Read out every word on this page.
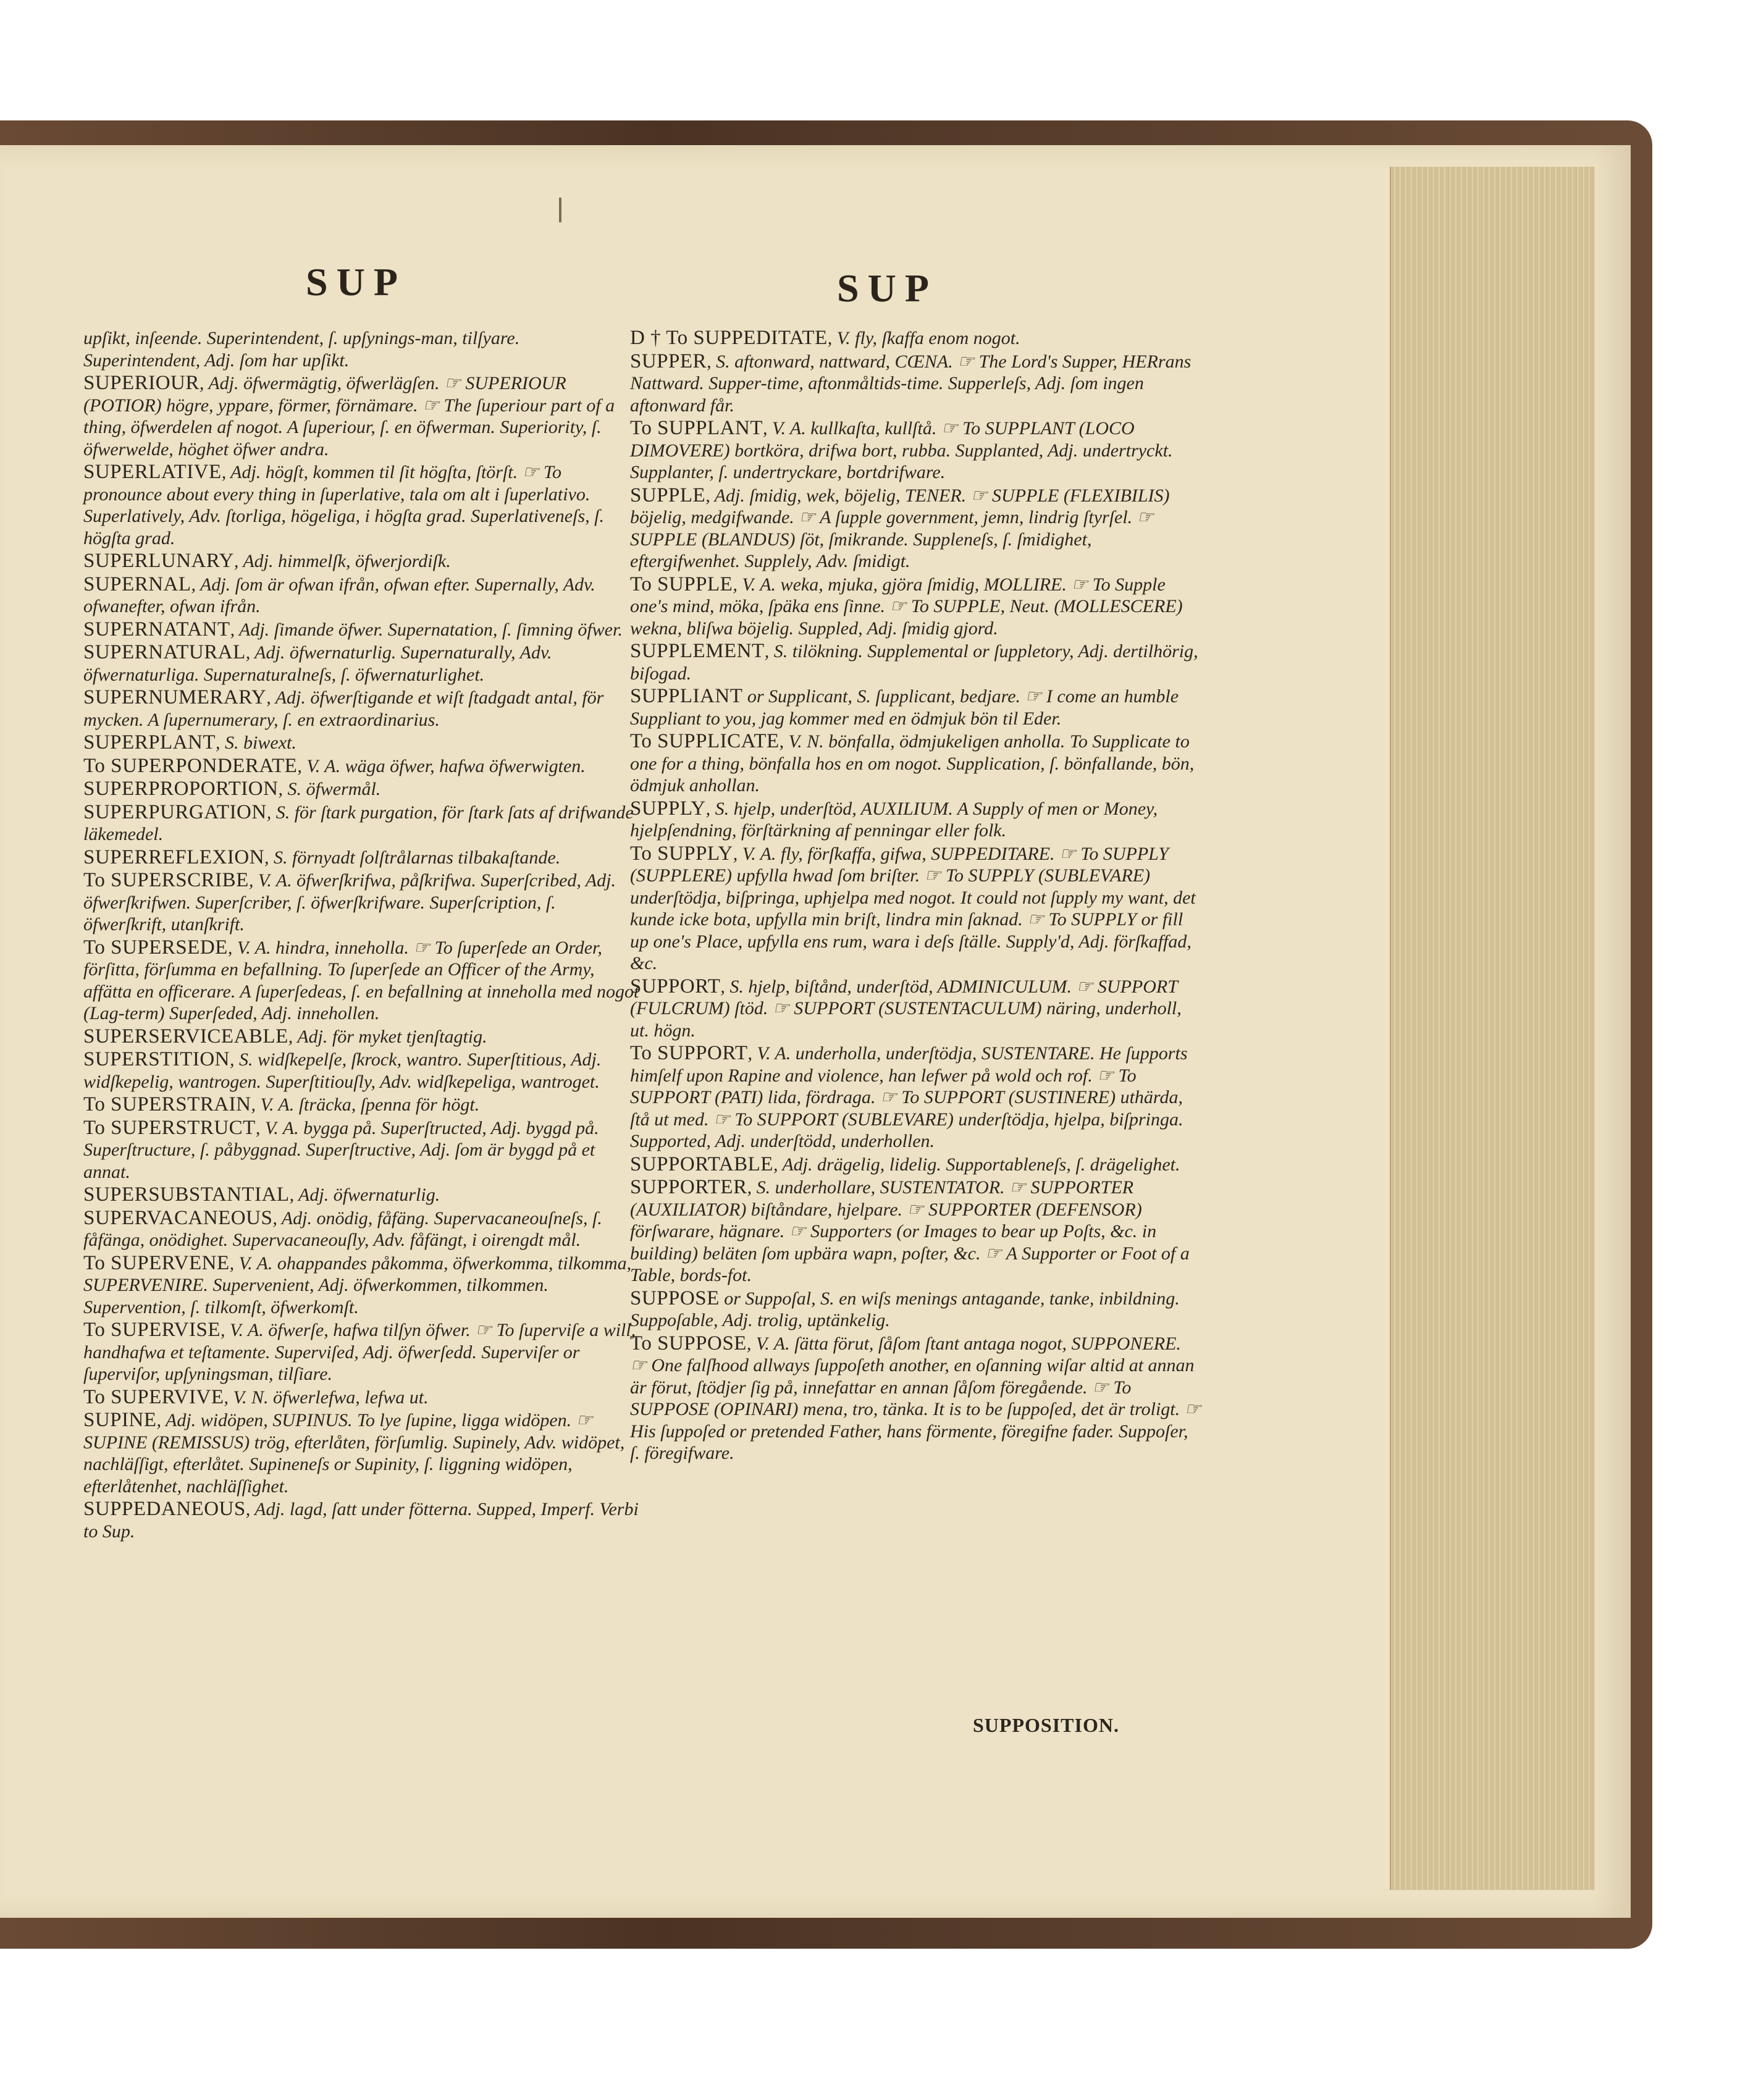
SUP	SUP

upſikt, inſeende. Superintendent, ſ. upſynings-man, tilſyare. Superintendent, Adj. ſom har upſikt.

SUPERIOUR, Adj. öfwermägtig, öfwerlägſen. ☞ SUPERIOUR (POTIOR) högre, yppare, förmer, förnämare. ☞ The ſuperiour part of a thing, öfwerdelen af nogot. A ſuperiour, ſ. en öfwerman. Superiority, ſ. öfwerwelde, höghet öfwer andra.

SUPERLATIVE, Adj. högſt, kommen til ſit högſta, ſtörſt. ☞ To pronounce about every thing in ſuperlative, tala om alt i ſuperlativo. Superlatively, Adv. ſtorliga, högeliga, i högſta grad. Superlativeneſs, ſ. högſta grad.

SUPERLUNARY, Adj. himmelſk, öfwerjordiſk.

SUPERNAL, Adj. ſom är ofwan ifrån, ofwan efter. Supernally, Adv. ofwanefter, ofwan ifrån.

SUPERNATANT, Adj. ſimande öfwer. Supernatation, ſ. ſimning öfwer.

SUPERNATURAL, Adj. öfwernaturlig. Supernaturally, Adv. öfwernaturliga. Supernaturalneſs, ſ. öfwernaturlighet.

SUPERNUMERARY, Adj. öfwerſtigande et wiſt ſtadgadt antal, för mycken. A ſupernumerary, ſ. en extraordinarius.

SUPERPLANT, S. biwext.

To SUPERPONDERATE, V. A. wäga öfwer, hafwa öfwerwigten.

SUPERPROPORTION, S. öfwermål.

SUPERPURGATION, S. för ſtark purgation, för ſtark ſats af drifwande läkemedel.

SUPERREFLEXION, S. förnyadt ſolſtrålarnas tilbakaſtande.

To SUPERSCRIBE, V. A. öfwerſkrifwa, påſkrifwa. Superſcribed, Adj. öfwerſkrifwen. Superſcriber, ſ. öfwerſkrifware. Superſcription, ſ. öfwerſkrift, utanſkrift.

To SUPERSEDE, V. A. hindra, inneholla. ☞ To ſuperſede an Order, förſitta, förſumma en befallning. To ſuperſede an Officer of the Army, affätta en officerare. A ſuperſedeas, ſ. en befallning at inneholla med nogot (Lag-term) Superſeded, Adj. innehollen.

SUPERSERVICEABLE, Adj. för myket tjenſtagtig.

SUPERSTITION, S. widſkepelſe, ſkrock, wantro. Superſtitious, Adj. widſkepelig, wantrogen. Superſtitiouſly, Adv. widſkepeliga, wantroget.

To SUPERSTRAIN, V. A. ſträcka, ſpenna för högt.

To SUPERSTRUCT, V. A. bygga på. Superſtructed, Adj. byggd på. Superſtructure, ſ. påbyggnad. Superſtructive, Adj. ſom är byggd på et annat.

SUPERSUBSTANTIAL, Adj. öfwernaturlig.

SUPERVACANEOUS, Adj. onödig, fåfäng. Supervacaneouſneſs, ſ. fåfänga, onödighet. Supervacaneouſly, Adv. fåfängt, i oirengdt mål.

To SUPERVENE, V. A. ohappandes påkomma, öfwerkomma, tilkomma, SUPERVENIRE. Supervenient, Adj. öfwerkommen, tilkommen. Supervention, ſ. tilkomſt, öfwerkomſt.

To SUPERVISE, V. A. öfwerſe, hafwa tilſyn öfwer. ☞ To ſuperviſe a will, handhafwa et teſtamente. Superviſed, Adj. öfwerſedd. Superviſer or ſuperviſor, upſyningsman, tilſiare.

To SUPERVIVE, V. N. öfwerlefwa, lefwa ut.

SUPINE, Adj. widöpen, SUPINUS. To lye ſupine, ligga widöpen. ☞ SUPINE (REMISSUS) trög, efterlåten, förſumlig. Supinely, Adv. widöpet, nachläſſigt, efterlåtet. Supineneſs or Supinity, ſ. liggning widöpen, efterlåtenhet, nachläſſighet.

SUPPEDANEOUS, Adj. lagd, ſatt under fötterna. Supped, Imperf. Verbi to Sup.

D † To SUPPEDITATE, V. fly, ſkaffa enom nogot.

SUPPER, S. aftonward, nattward, CŒNA. ☞ The Lord's Supper, HERrans Nattward. Supper-time, aftonmåltids-time. Supperleſs, Adj. ſom ingen aftonward får.

To SUPPLANT, V. A. kullkaſta, kullſtå. ☞ To SUPPLANT (LOCO DIMOVERE) bortköra, drifwa bort, rubba. Supplanted, Adj. undertryckt. Supplanter, ſ. undertryckare, bortdrifware.

SUPPLE, Adj. ſmidig, wek, böjelig, TENER. ☞ SUPPLE (FLEXIBILIS) böjelig, medgifwande. ☞ A ſupple government, jemn, lindrig ſtyrſel. ☞ SUPPLE (BLANDUS) ſöt, ſmikrande. Suppleneſs, ſ. ſmidighet, eftergifwenhet. Supplely, Adv. ſmidigt.

To SUPPLE, V. A. weka, mjuka, gjöra ſmidig, MOLLIRE. ☞ To Supple one's mind, möka, ſpäka ens ſinne. ☞ To SUPPLE, Neut. (MOLLESCERE) wekna, bliſwa böjelig. Suppled, Adj. ſmidig gjord.

SUPPLEMENT, S. tilökning. Supplemental or ſuppletory, Adj. dertilhörig, biſogad.

SUPPLIANT or Supplicant, S. ſupplicant, bedjare. ☞ I come an humble Suppliant to you, jag kommer med en ödmjuk bön til Eder.

To SUPPLICATE, V. N. bönfalla, ödmjukeligen anholla. To Supplicate to one for a thing, bönfalla hos en om nogot. Supplication, ſ. bönfallande, bön, ödmjuk anhollan.

SUPPLY, S. hjelp, underſtöd, AUXILIUM. A Supply of men or Money, hjelpſendning, förſtärkning af penningar eller folk.

To SUPPLY, V. A. fly, förſkaffa, gifwa, SUPPEDITARE. ☞ To SUPPLY (SUPPLERE) upfylla hwad ſom briſter. ☞ To SUPPLY (SUBLEVARE) underſtödja, biſpringa, uphjelpa med nogot. It could not ſupply my want, det kunde icke bota, upfylla min briſt, lindra min ſaknad. ☞ To SUPPLY or fill up one's Place, upfylla ens rum, wara i deſs ſtälle. Supply'd, Adj. förſkaffad, &c.

SUPPORT, S. hjelp, biſtånd, underſtöd, ADMINICULUM. ☞ SUPPORT (FULCRUM) ſtöd. ☞ SUPPORT (SUSTENTACULUM) näring, underholl, ut. högn.

To SUPPORT, V. A. underholla, underſtödja, SUSTENTARE. He ſupports himſelf upon Rapine and violence, han lefwer på wold och rof. ☞ To SUPPORT (PATI) lida, fördraga. ☞ To SUPPORT (SUSTINERE) uthärda, ſtå ut med. ☞ To SUPPORT (SUBLEVARE) underſtödja, hjelpa, biſpringa. Supported, Adj. underſtödd, underhollen.

SUPPORTABLE, Adj. drägelig, lidelig. Supportableneſs, ſ. drägelighet.

SUPPORTER, S. underhollare, SUSTENTATOR. ☞ SUPPORTER (AUXILIATOR) biſtåndare, hjelpare. ☞ SUPPORTER (DEFENSOR) förſwarare, hägnare. ☞ Supporters (or Images to bear up Poſts, &c. in building) beläten ſom upbära wapn, poſter, &c. ☞ A Supporter or Foot of a Table, bords-fot.

SUPPOSE or Suppoſal, S. en wiſs menings antagande, tanke, inbildning. Suppoſable, Adj. trolig, uptänkelig.

To SUPPOSE, V. A. ſätta förut, ſåſom ſtant antaga nogot, SUPPONERE. ☞ One falſhood allways ſuppoſeth another, en oſanning wiſar altid at annan är förut, ſtödjer ſig på, innefattar en annan ſåſom föregående. ☞ To SUPPOSE (OPINARI) mena, tro, tänka. It is to be ſuppoſed, det är troligt. ☞ His ſuppoſed or pretended Father, hans förmente, föregifne fader. Suppoſer, ſ. föregifware.

SUPPOSITION.
